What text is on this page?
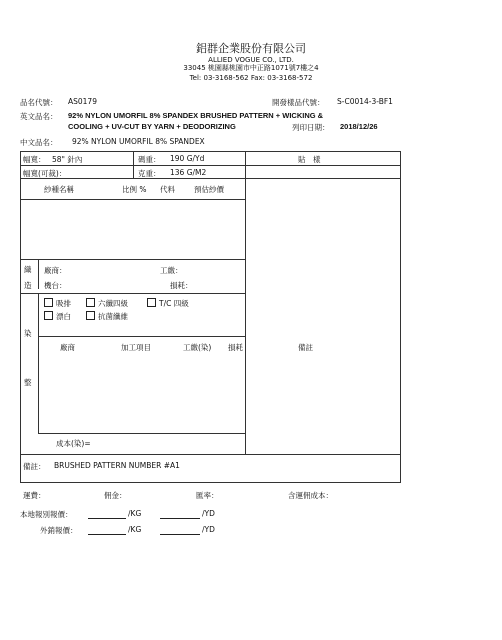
鋁群企業股份有限公司
ALLIED VOGUE CO., LTD.
33045 桃園縣桃園市中正路1071號7樓之4
Tel: 03-3168-562 Fax: 03-3168-572
品名代號： AS0179	開發樣品代號： S-C0014-3-BF1
英文品名： 92% NYLON UMORFIL 8% SPANDEX BRUSHED PATTERN + WICKING &
COOLING + UV-CUT BY YARN + DEODORIZING	列印日期： 2018/12/26
中文品名： 92% NYLON UMORFIL 8% SPANDEX
幅寬： 58" 針內	碼重： 190 G/Yd	貼　樣
幅寬(可裁)：	克重： 136 G/M2
紗種名稱	比例 % 代料	預估紗價
織
造
廠商：	工繳：
機台：	損耗：
染
整
吸排	六纖四級	T/C 四級
漂白	抗菌纖維
廠商	加工項目	工繳(染) 損耗	備註
成本(染)=
備註： BRUSHED PATTERN NUMBER #A1
運費：	佣金：	匯率：	含運佣成本：
本地報別報價：	/KG	/YD
外銷報價：	/KG	/YD
